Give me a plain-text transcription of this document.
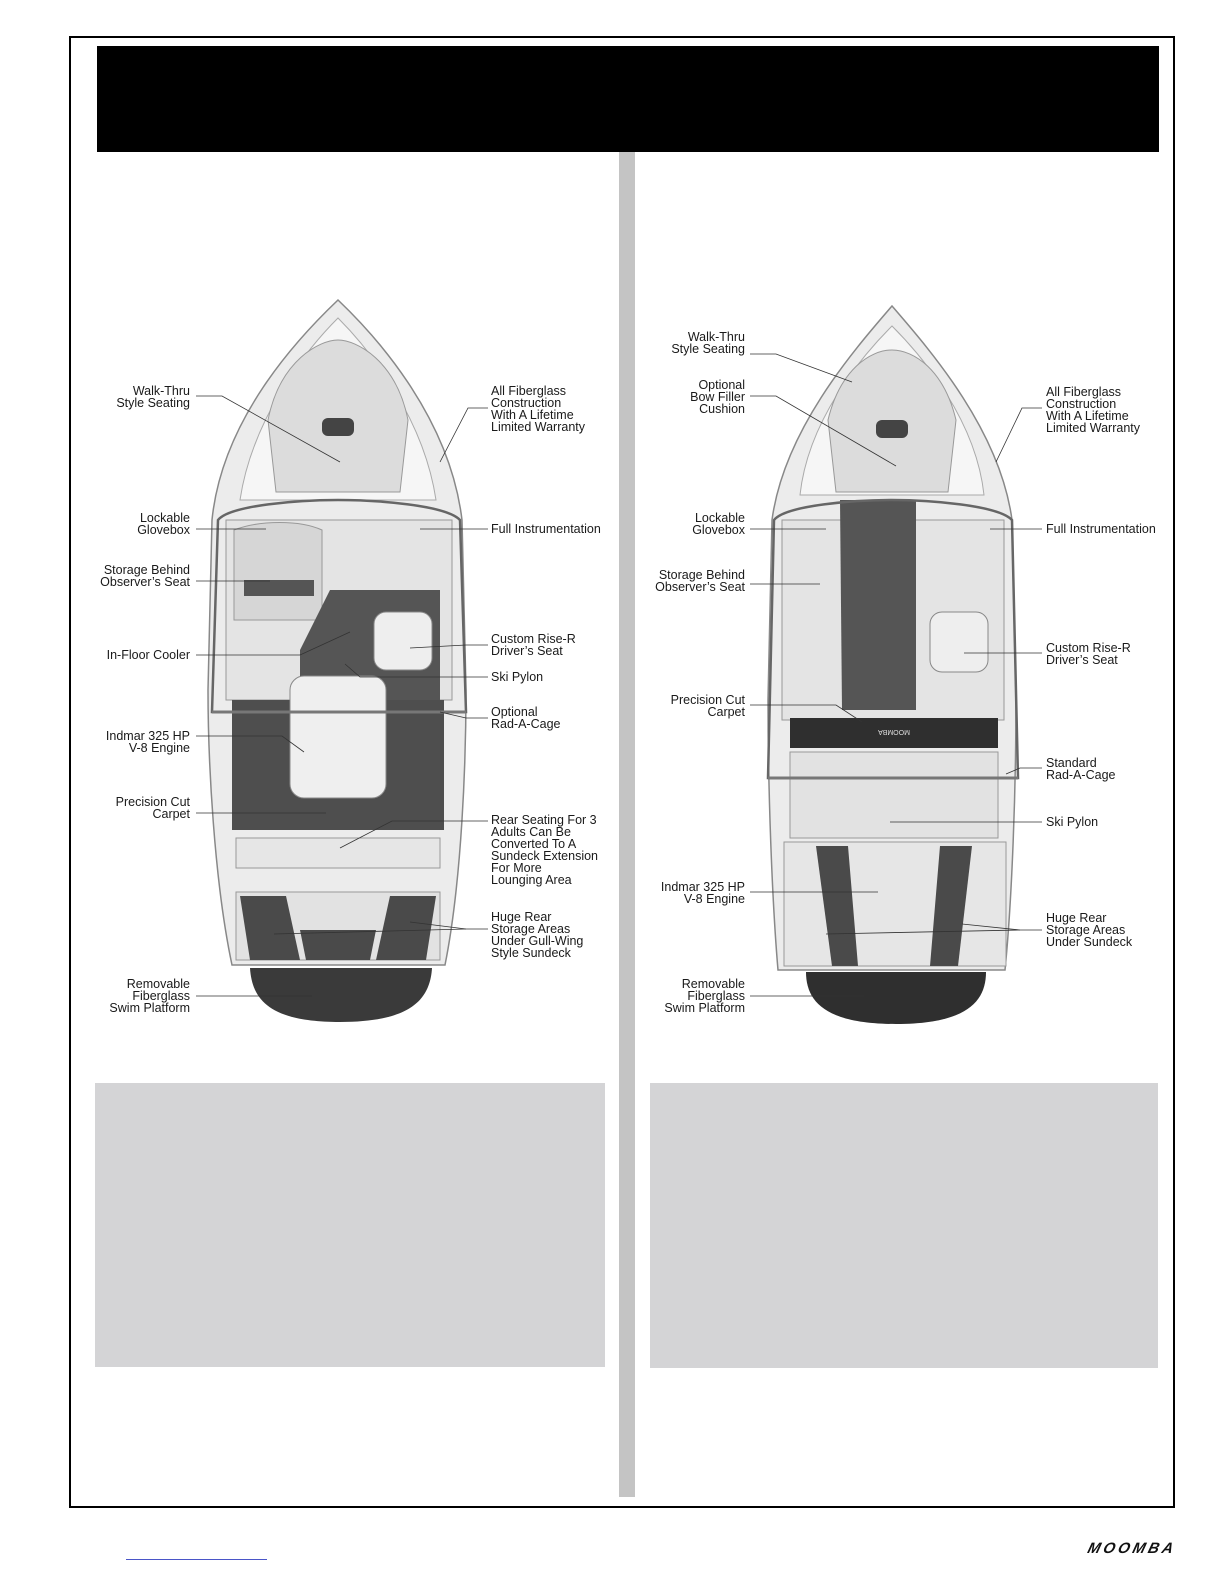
MOOMBA
Walk-Thru
Style Seating
All Fiberglass
Construction
With A Lifetime
Limited Warranty
Lockable
Glovebox	Full Instrumentation
Storage Behind
Observer’s Seat
Custom Rise-R
Driver’s Seat
In-Floor Cooler
Ski Pylon
Optional
Rad-A-Cage
Indmar 325 HP
V-8 Engine
Precision Cut
Carpet	Rear Seating For 3
Adults Can Be
Converted To A
Sundeck Extension
For More
Lounging Area
Huge Rear
Storage Areas
Under Gull-Wing
Style Sundeck
Removable
Fiberglass
Swim Platform
Walk-Thru
Style Seating
Optional
Bow Filler
Cushion
All Fiberglass
Construction
With A Lifetime
Limited Warranty
Lockable
Glovebox	Full Instrumentation
Storage Behind
Observer’s Seat
Custom Rise-R
Driver’s Seat
Precision Cut
Carpet
Standard
Rad-A-Cage
Ski Pylon
Indmar 325 HP
V-8 Engine
Huge Rear
Storage Areas
Under Sundeck
Removable
Fiberglass
Swim Platform
MOOMBA
